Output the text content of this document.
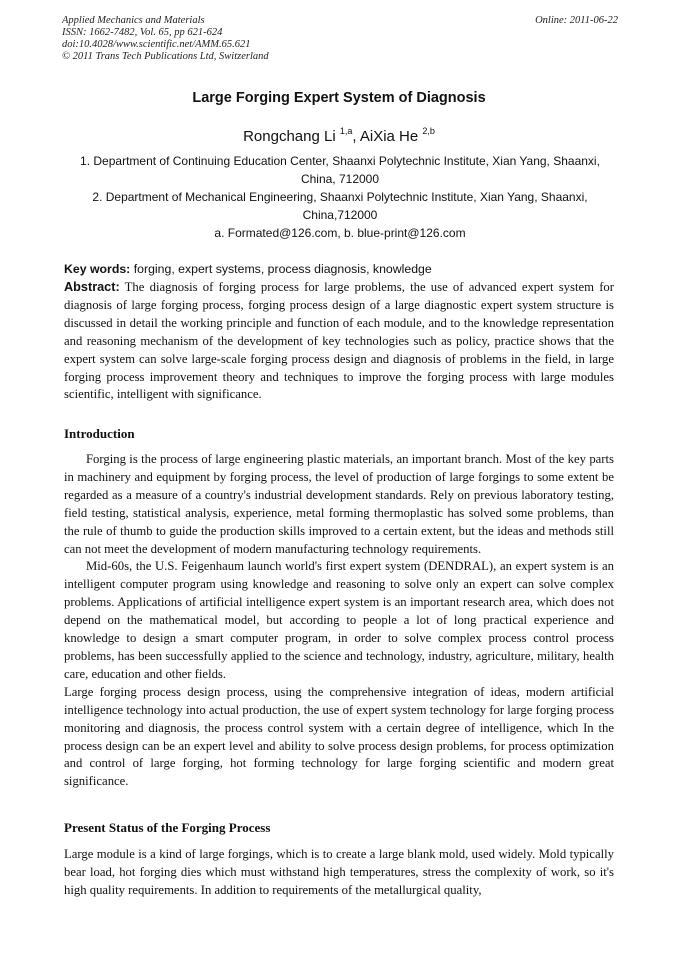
Applied Mechanics and Materials
ISSN: 1662-7482, Vol. 65, pp 621-624
doi:10.4028/www.scientific.net/AMM.65.621
© 2011 Trans Tech Publications Ltd, Switzerland
Online: 2011-06-22
Large Forging Expert System of Diagnosis
Rongchang Li $^{1,a}$, AiXia He $^{2,b}$
1. Department of Continuing Education Center, Shaanxi Polytechnic Institute, Xian Yang, Shaanxi,
China, 712000
2. Department of Mechanical Engineering, Shaanxi Polytechnic Institute, Xian Yang, Shaanxi,
China,712000
a. Formated@126.com, b. blue-print@126.com
Key words: forging, expert systems, process diagnosis, knowledge
Abstract: The diagnosis of forging process for large problems, the use of advanced expert system for diagnosis of large forging process, forging process design of a large diagnostic expert system structure is discussed in detail the working principle and function of each module, and to the knowledge representation and reasoning mechanism of the development of key technologies such as policy, practice shows that the expert system can solve large-scale forging process design and diagnosis of problems in the field, in large forging process improvement theory and techniques to improve the forging process with large modules scientific, intelligent with significance.
Introduction

Forging is the process of large engineering plastic materials, an important branch. Most of the key parts in machinery and equipment by forging process, the level of production of large forgings to some extent be regarded as a measure of a country's industrial development standards. Rely on previous laboratory testing, field testing, statistical analysis, experience, metal forming thermoplastic has solved some problems, than the rule of thumb to guide the production skills improved to a certain extent, but the ideas and methods still can not meet the development of modern manufacturing technology requirements.

Mid-60s, the U.S. Feigenhaum launch world's first expert system (DENDRAL), an expert system is an intelligent computer program using knowledge and reasoning to solve only an expert can solve complex problems. Applications of artificial intelligence expert system is an important research area, which does not depend on the mathematical model, but according to people a lot of long practical experience and knowledge to design a smart computer program, in order to solve complex process control process problems, has been successfully applied to the science and technology, industry, agriculture, military, health care, education and other fields.

Large forging process design process, using the comprehensive integration of ideas, modern artificial intelligence technology into actual production, the use of expert system technology for large forging process monitoring and diagnosis, the process control system with a certain degree of intelligence, which In the process design can be an expert level and ability to solve process design problems, for process optimization and control of large forging, hot forming technology for large forging scientific and modern great significance.

Present Status of the Forging Process

Large module is a kind of large forgings, which is to create a large blank mold, used widely. Mold typically bear load, hot forging dies which must withstand high temperatures, stress the complexity of work, so it's high quality requirements. In addition to requirements of the metallurgical quality,
